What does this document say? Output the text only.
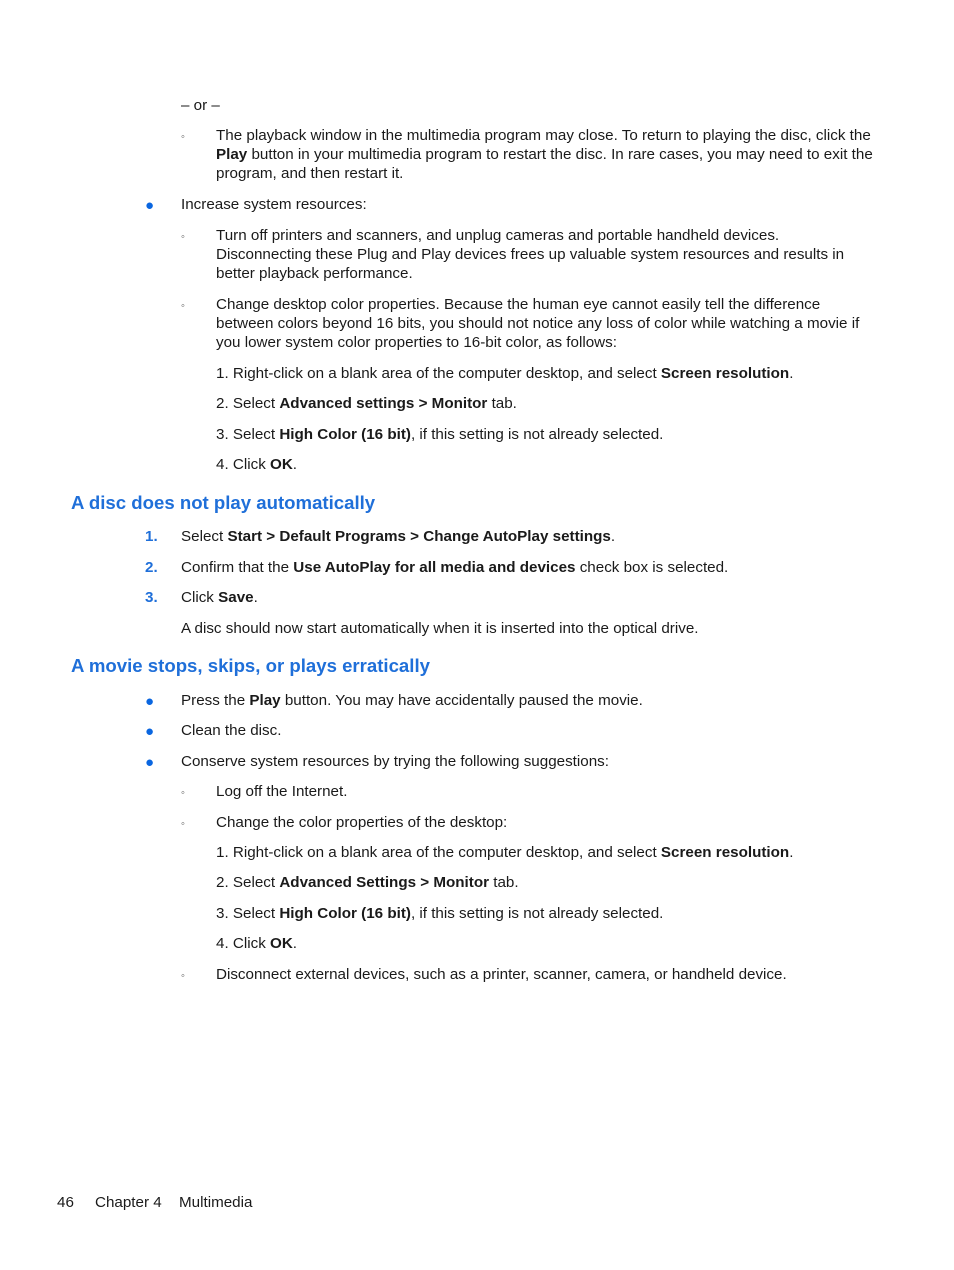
– or –
◦ The playback window in the multimedia program may close. To return to playing the disc, click the Play button in your multimedia program to restart the disc. In rare cases, you may need to exit the program, and then restart it.
● Increase system resources:
◦ Turn off printers and scanners, and unplug cameras and portable handheld devices. Disconnecting these Plug and Play devices frees up valuable system resources and results in better playback performance.
◦ Change desktop color properties. Because the human eye cannot easily tell the difference between colors beyond 16 bits, you should not notice any loss of color while watching a movie if you lower system color properties to 16-bit color, as follows:
1. Right-click on a blank area of the computer desktop, and select Screen resolution.
2. Select Advanced settings > Monitor tab.
3. Select High Color (16 bit), if this setting is not already selected.
4. Click OK.
A disc does not play automatically
1. Select Start > Default Programs > Change AutoPlay settings.
2. Confirm that the Use AutoPlay for all media and devices check box is selected.
3. Click Save.
A disc should now start automatically when it is inserted into the optical drive.
A movie stops, skips, or plays erratically
● Press the Play button. You may have accidentally paused the movie.
● Clean the disc.
● Conserve system resources by trying the following suggestions:
◦ Log off the Internet.
◦ Change the color properties of the desktop:
1. Right-click on a blank area of the computer desktop, and select Screen resolution.
2. Select Advanced Settings > Monitor tab.
3. Select High Color (16 bit), if this setting is not already selected.
4. Click OK.
◦ Disconnect external devices, such as a printer, scanner, camera, or handheld device.
46 Chapter 4 Multimedia
